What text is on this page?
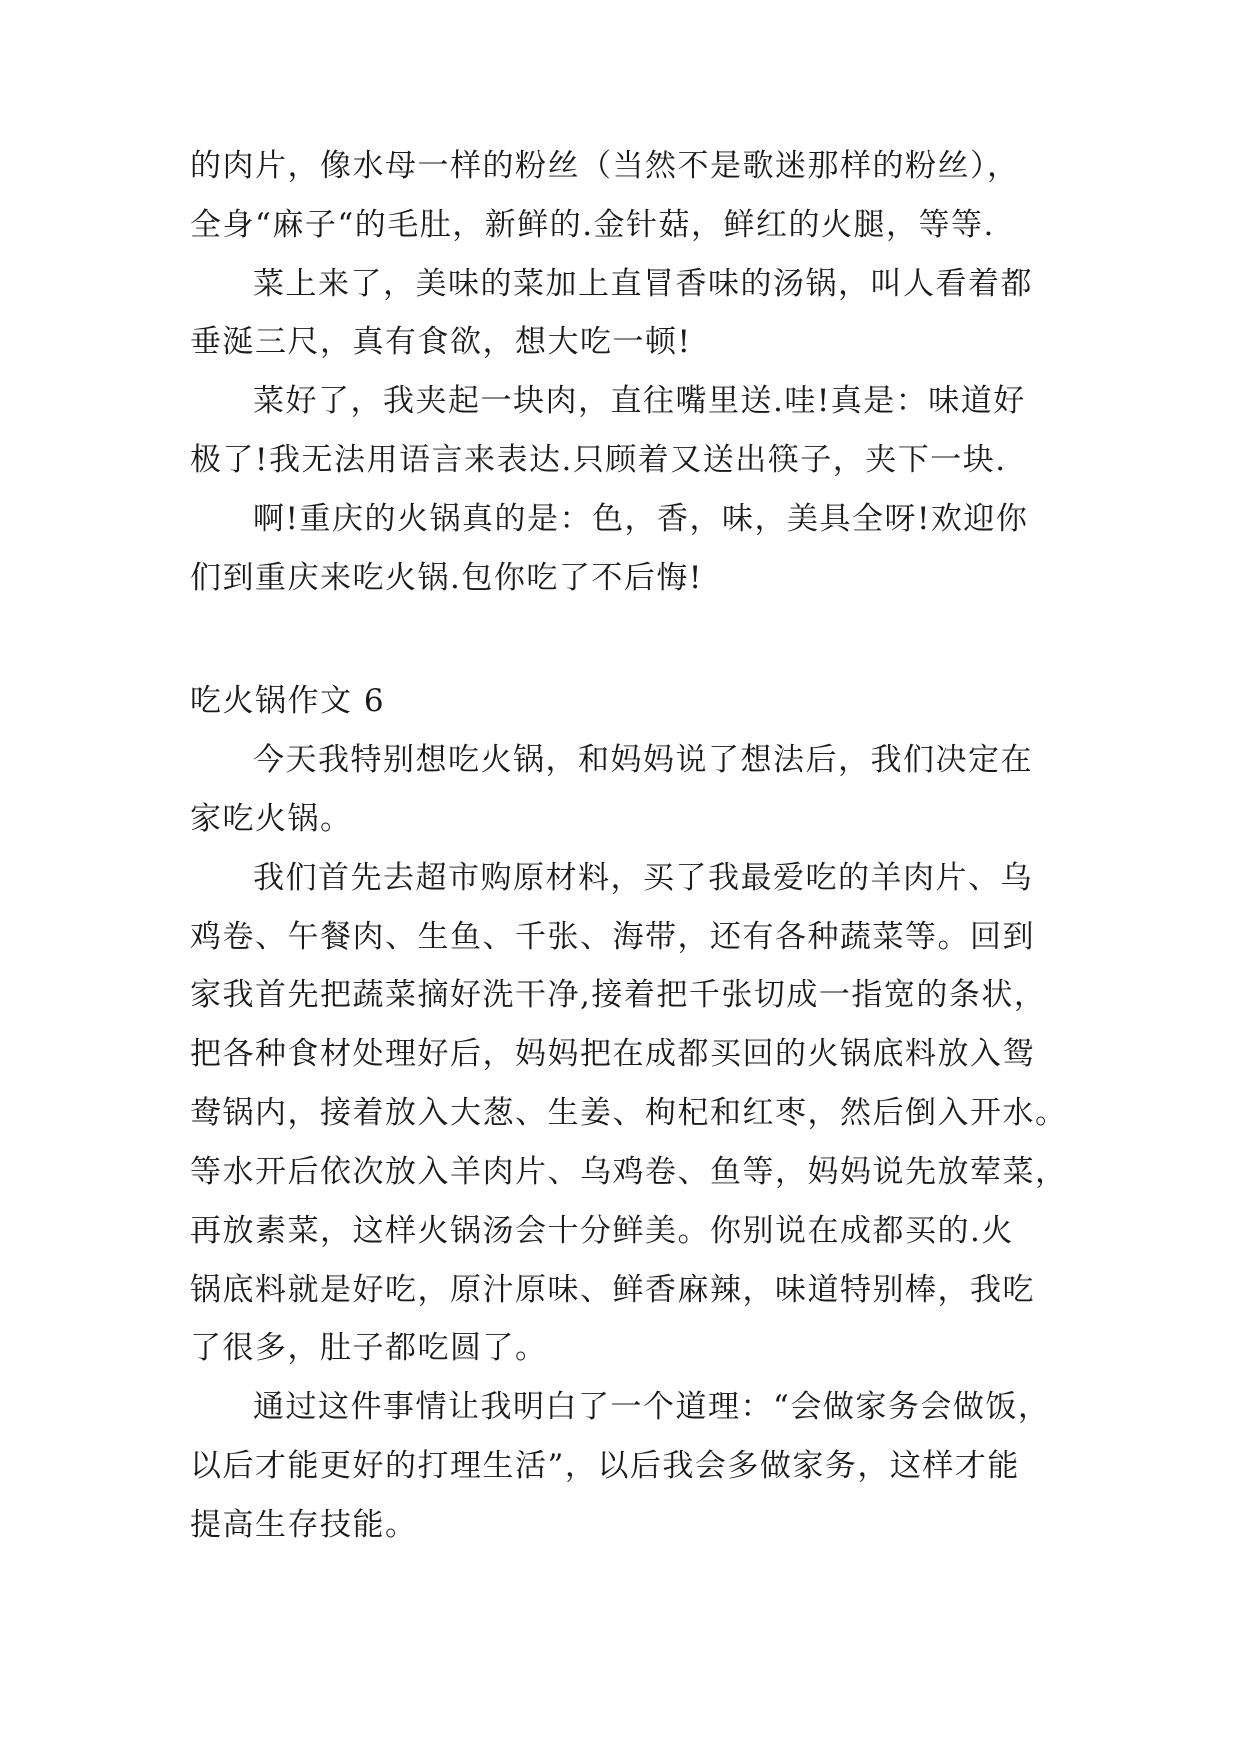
的肉片，像水母一样的粉丝（当然不是歌迷那样的粉丝），
全身“麻子“的毛肚，新鲜的.金针菇，鲜红的火腿，等等.
菜上来了，美味的菜加上直冒香味的汤锅，叫人看着都
垂涎三尺，真有食欲，想大吃一顿!
菜好了，我夹起一块肉，直往嘴里送.哇!真是：味道好
极了!我无法用语言来表达.只顾着又送出筷子，夹下一块.
啊!重庆的火锅真的是：色，香，味，美具全呀!欢迎你
们到重庆来吃火锅.包你吃了不后悔!
吃火锅作文 6
今天我特别想吃火锅，和妈妈说了想法后，我们决定在
家吃火锅。
我们首先去超市购原材料，买了我最爱吃的羊肉片、乌
鸡卷、午餐肉、生鱼、千张、海带，还有各种蔬菜等。回到
家我首先把蔬菜摘好洗干净,接着把千张切成一指宽的条状，
把各种食材处理好后，妈妈把在成都买回的火锅底料放入鸳
鸯锅内，接着放入大葱、生姜、枸杞和红枣，然后倒入开水。
等水开后依次放入羊肉片、乌鸡卷、鱼等，妈妈说先放荤菜，
再放素菜，这样火锅汤会十分鲜美。你别说在成都买的.火
锅底料就是好吃，原汁原味、鲜香麻辣，味道特别棒，我吃
了很多，肚子都吃圆了。
通过这件事情让我明白了一个道理：“会做家务会做饭，
以后才能更好的打理生活”，以后我会多做家务，这样才能
提高生存技能。
